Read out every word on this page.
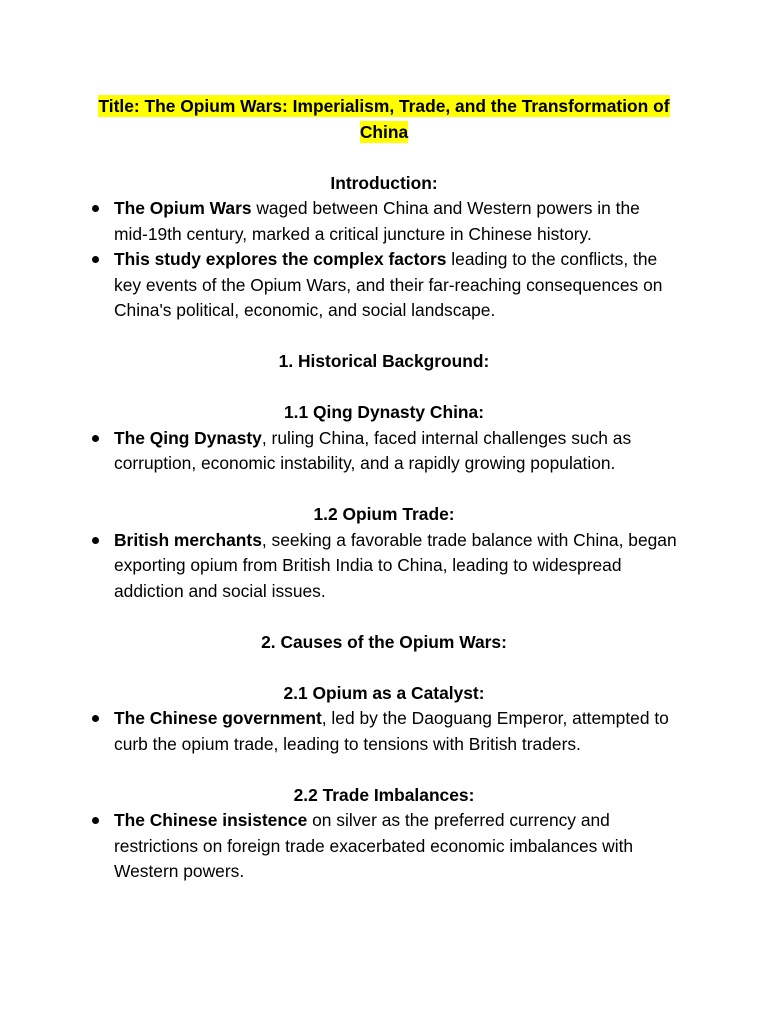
Title: The Opium Wars: Imperialism, Trade, and the Transformation of
China

Introduction:

The Opium Wars waged between China and Western powers in the mid-19th century, marked a critical juncture in Chinese history.
This study explores the complex factors leading to the conflicts, the key events of the Opium Wars, and their far-reaching consequences on China's political, economic, and social landscape.

1. Historical Background:

1.1 Qing Dynasty China:

The Qing Dynasty, ruling China, faced internal challenges such as corruption, economic instability, and a rapidly growing population.

1.2 Opium Trade:

British merchants, seeking a favorable trade balance with China, began exporting opium from British India to China, leading to widespread addiction and social issues.

2. Causes of the Opium Wars:

2.1 Opium as a Catalyst:

The Chinese government, led by the Daoguang Emperor, attempted to curb the opium trade, leading to tensions with British traders.

2.2 Trade Imbalances:

The Chinese insistence on silver as the preferred currency and restrictions on foreign trade exacerbated economic imbalances with Western powers.
